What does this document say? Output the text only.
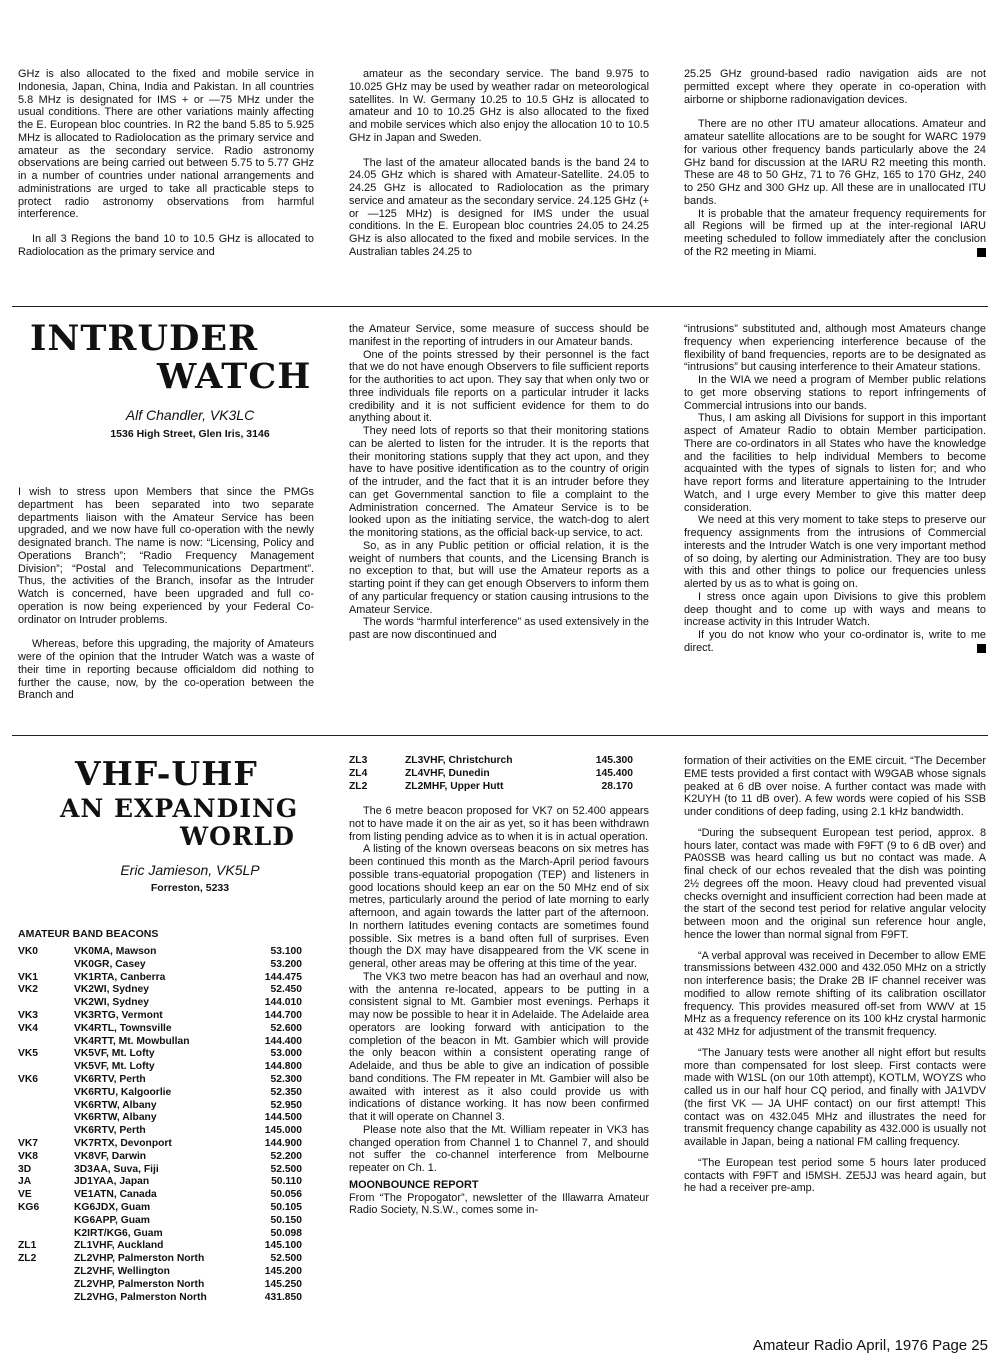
GHz is also allocated to the fixed and mobile service in Indonesia, Japan, China, India and Pakistan. In all countries 5.8 MHz is designated for IMS + or —75 MHz under the usual conditions. There are other variations mainly affecting the E. European bloc countries. In R2 the band 5.85 to 5.925 MHz is allocated to Radiolocation as the primary service and amateur as the secondary service. Radio astronomy observations are being carried out between 5.75 to 5.77 GHz in a number of countries under national arrangements and administrations are urged to take all practicable steps to protect radio astronomy observations from harmful interference.

In all 3 Regions the band 10 to 10.5 GHz is allocated to Radiolocation as the primary service and

amateur as the secondary service. The band 9.975 to 10.025 GHz may be used by weather radar on meteorological satellites. In W. Germany 10.25 to 10.5 GHz is allocated to amateur and 10 to 10.25 GHz is also allocated to the fixed and mobile services which also enjoy the allocation 10 to 10.5 GHz in Japan and Sweden.

The last of the amateur allocated bands is the band 24 to 24.05 GHz which is shared with Amateur-Satellite. 24.05 to 24.25 GHz is allocated to Radiolocation as the primary service and amateur as the secondary service. 24.125 GHz (+ or —125 MHz) is designed for IMS under the usual conditions. In the E. European bloc countries 24.05 to 24.25 GHz is also allocated to the fixed and mobile services. In the Australian tables 24.25 to

25.25 GHz ground-based radio navigation aids are not permitted except where they operate in co-operation with airborne or shipborne radionavigation devices.

There are no other ITU amateur allocations. Amateur and amateur satellite allocations are to be sought for WARC 1979 for various other frequency bands particularly above the 24 GHz band for discussion at the IARU R2 meeting this month. These are 48 to 50 GHz, 71 to 76 GHz, 165 to 170 GHz, 240 to 250 GHz and 300 GHz up. All these are in unallocated ITU bands.

It is probable that the amateur frequency requirements for all Regions will be firmed up at the inter-regional IARU meeting scheduled to follow immediately after the conclusion of the R2 meeting in Miami.

INTRUDER
WATCH
Alf Chandler, VK3LC
1536 High Street, Glen Iris, 3146

I wish to stress upon Members that since the PMGs department has been separated into two separate departments liaison with the Amateur Service has been upgraded, and we now have full co-operation with the newly designated branch. The name is now: “Licensing, Policy and Operations Branch”; “Radio Frequency Management Division”; “Postal and Telecommunications Department”. Thus, the activities of the Branch, insofar as the Intruder Watch is concerned, have been upgraded and full co-operation is now being experienced by your Federal Co-ordinator on Intruder problems.

Whereas, before this upgrading, the majority of Amateurs were of the opinion that the Intruder Watch was a waste of their time in reporting because officialdom did nothing to further the cause, now, by the co-operation between the Branch and

the Amateur Service, some measure of success should be manifest in the reporting of intruders in our Amateur bands.

One of the points stressed by their personnel is the fact that we do not have enough Observers to file sufficient reports for the authorities to act upon. They say that when only two or three individuals file reports on a particular intruder it lacks credibility and it is not sufficient evidence for them to do anything about it.

They need lots of reports so that their monitoring stations can be alerted to listen for the intruder. It is the reports that their monitoring stations supply that they act upon, and they have to have positive identification as to the country of origin of the intruder, and the fact that it is an intruder before they can get Governmental sanction to file a complaint to the Administration concerned. The Amateur Service is to be looked upon as the initiating service, the watch-dog to alert the monitoring stations, as the official back-up service, to act.

So, as in any Public petition or official relation, it is the weight of numbers that counts, and the Licensing Branch is no exception to that, but will use the Amateur reports as a starting point if they can get enough Observers to inform them of any particular frequency or station causing intrusions to the Amateur Service.

The words “harmful interference” as used extensively in the past are now discontinued and

“intrusions” substituted and, although most Amateurs change frequency when experiencing interference because of the flexibility of band frequencies, reports are to be designated as “intrusions” but causing interference to their Amateur stations.

In the WIA we need a program of Member public relations to get more observing stations to report infringements of Commercial intrusions into our bands.

Thus, I am asking all Divisions for support in this important aspect of Amateur Radio to obtain Member participation. There are co-ordinators in all States who have the knowledge and the facilities to help individual Members to become acquainted with the types of signals to listen for; and who have report forms and literature appertaining to the Intruder Watch, and I urge every Member to give this matter deep consideration.

We need at this very moment to take steps to preserve our frequency assignments from the intrusions of Commercial interests and the Intruder Watch is one very important method of so doing, by alerting our Administration. They are too busy with this and other things to police our frequencies unless alerted by us as to what is going on.

I stress once again upon Divisions to give this problem deep thought and to come up with ways and means to increase activity in this Intruder Watch.

If you do not know who your co-ordinator is, write to me direct.

VHF-UHF
AN EXPANDING
WORLD
Eric Jamieson, VK5LP
Forreston, 5233
AMATEUR BAND BEACONS
VK0	VK0MA, Mawson	53.100
	VK0GR, Casey	53.200
VK1	VK1RTA, Canberra	144.475
VK2	VK2WI, Sydney	52.450
	VK2WI, Sydney	144.010
VK3	VK3RTG, Vermont	144.700
VK4	VK4RTL, Townsville	52.600
	VK4RTT, Mt. Mowbullan	144.400
VK5	VK5VF, Mt. Lofty	53.000
	VK5VF, Mt. Lofty	144.800
VK6	VK6RTV, Perth	52.300
	VK6RTU, Kalgoorlie	52.350
	VK6RTW, Albany	52.950
	VK6RTW, Albany	144.500
	VK6RTV, Perth	145.000
VK7	VK7RTX, Devonport	144.900
VK8	VK8VF, Darwin	52.200
3D	3D3AA, Suva, Fiji	52.500
JA	JD1YAA, Japan	50.110
VE	VE1ATN, Canada	50.056
KG6	KG6JDX, Guam	50.105
	KG6APP, Guam	50.150
	K2IRT/KG6, Guam	50.098
ZL1	ZL1VHF, Auckland	145.100
ZL2	ZL2VHP, Palmerston North	52.500
	ZL2VHF, Wellington	145.200
	ZL2VHP, Palmerston North	145.250
	ZL2VHG, Palmerston North	431.850
ZL3	ZL3VHF, Christchurch	145.300
ZL4	ZL4VHF, Dunedin	145.400
ZL2	ZL2MHF, Upper Hutt	28.170

The 6 metre beacon proposed for VK7 on 52.400 appears not to have made it on the air as yet, so it has been withdrawn from listing pending advice as to when it is in actual operation.

A listing of the known overseas beacons on six metres has been continued this month as the March-April period favours possible trans-equatorial propogation (TEP) and listeners in good locations should keep an ear on the 50 MHz end of six metres, particularly around the period of late morning to early afternoon, and again towards the latter part of the afternoon. In northern latitudes evening contacts are sometimes found possible. Six metres is a band often full of surprises. Even though the DX may have disappeared from the VK scene in general, other areas may be offering at this time of the year.

The VK3 two metre beacon has had an overhaul and now, with the antenna re-located, appears to be putting in a consistent signal to Mt. Gambier most evenings. Perhaps it may now be possible to hear it in Adelaide. The Adelaide area operators are looking forward with anticipation to the completion of the beacon in Mt. Gambier which will provide the only beacon within a consistent operating range of Adelaide, and thus be able to give an indication of possible band conditions. The FM repeater in Mt. Gambier will also be awaited with interest as it also could provide us with indications of distance working. It has now been confirmed that it will operate on Channel 3.

Please note also that the Mt. William repeater in VK3 has changed operation from Channel 1 to Channel 7, and should not suffer the co-channel interference from Melbourne repeater on Ch. 1.

MOONBOUNCE REPORT

From “The Propogator”, newsletter of the Illawarra Amateur Radio Society, N.S.W., comes some in-

formation of their activities on the EME circuit. “The December EME tests provided a first contact with W9GAB whose signals peaked at 6 dB over noise. A further contact was made with K2UYH (to 11 dB over). A few words were copied of his SSB under conditions of deep fading, using 2.1 kHz bandwidth.

“During the subsequent European test period, approx. 8 hours later, contact was made with F9FT (9 to 6 dB over) and PA0SSB was heard calling us but no contact was made. A final check of our echos revealed that the dish was pointing 2½ degrees off the moon. Heavy cloud had prevented visual checks overnight and insufficient correction had been made at the start of the second test period for relative angular velocity between moon and the original sun reference hour angle, hence the lower than normal signal from F9FT.

“A verbal approval was received in December to allow EME transmissions between 432.000 and 432.050 MHz on a strictly non interference basis; the Drake 2B IF channel receiver was modified to allow remote shifting of its calibration oscillator frequency. This provides measured off-set from WWV at 15 MHz as a frequency reference on its 100 kHz crystal harmonic at 432 MHz for adjustment of the transmit frequency.

“The January tests were another all night effort but results more than compensated for lost sleep. First contacts were made with W1SL (on our 10th attempt), KOTLM, WOYZS who called us in our half hour CQ period, and finally with JA1VDV (the first VK — JA UHF contact) on our first attempt! This contact was on 432.045 MHz and illustrates the need for transmit frequency change capability as 432.000 is usually not available in Japan, being a national FM calling frequency.

“The European test period some 5 hours later produced contacts with F9FT and I5MSH. ZE5JJ was heard again, but he had a receiver pre-amp.

Amateur Radio April, 1976 Page 25
